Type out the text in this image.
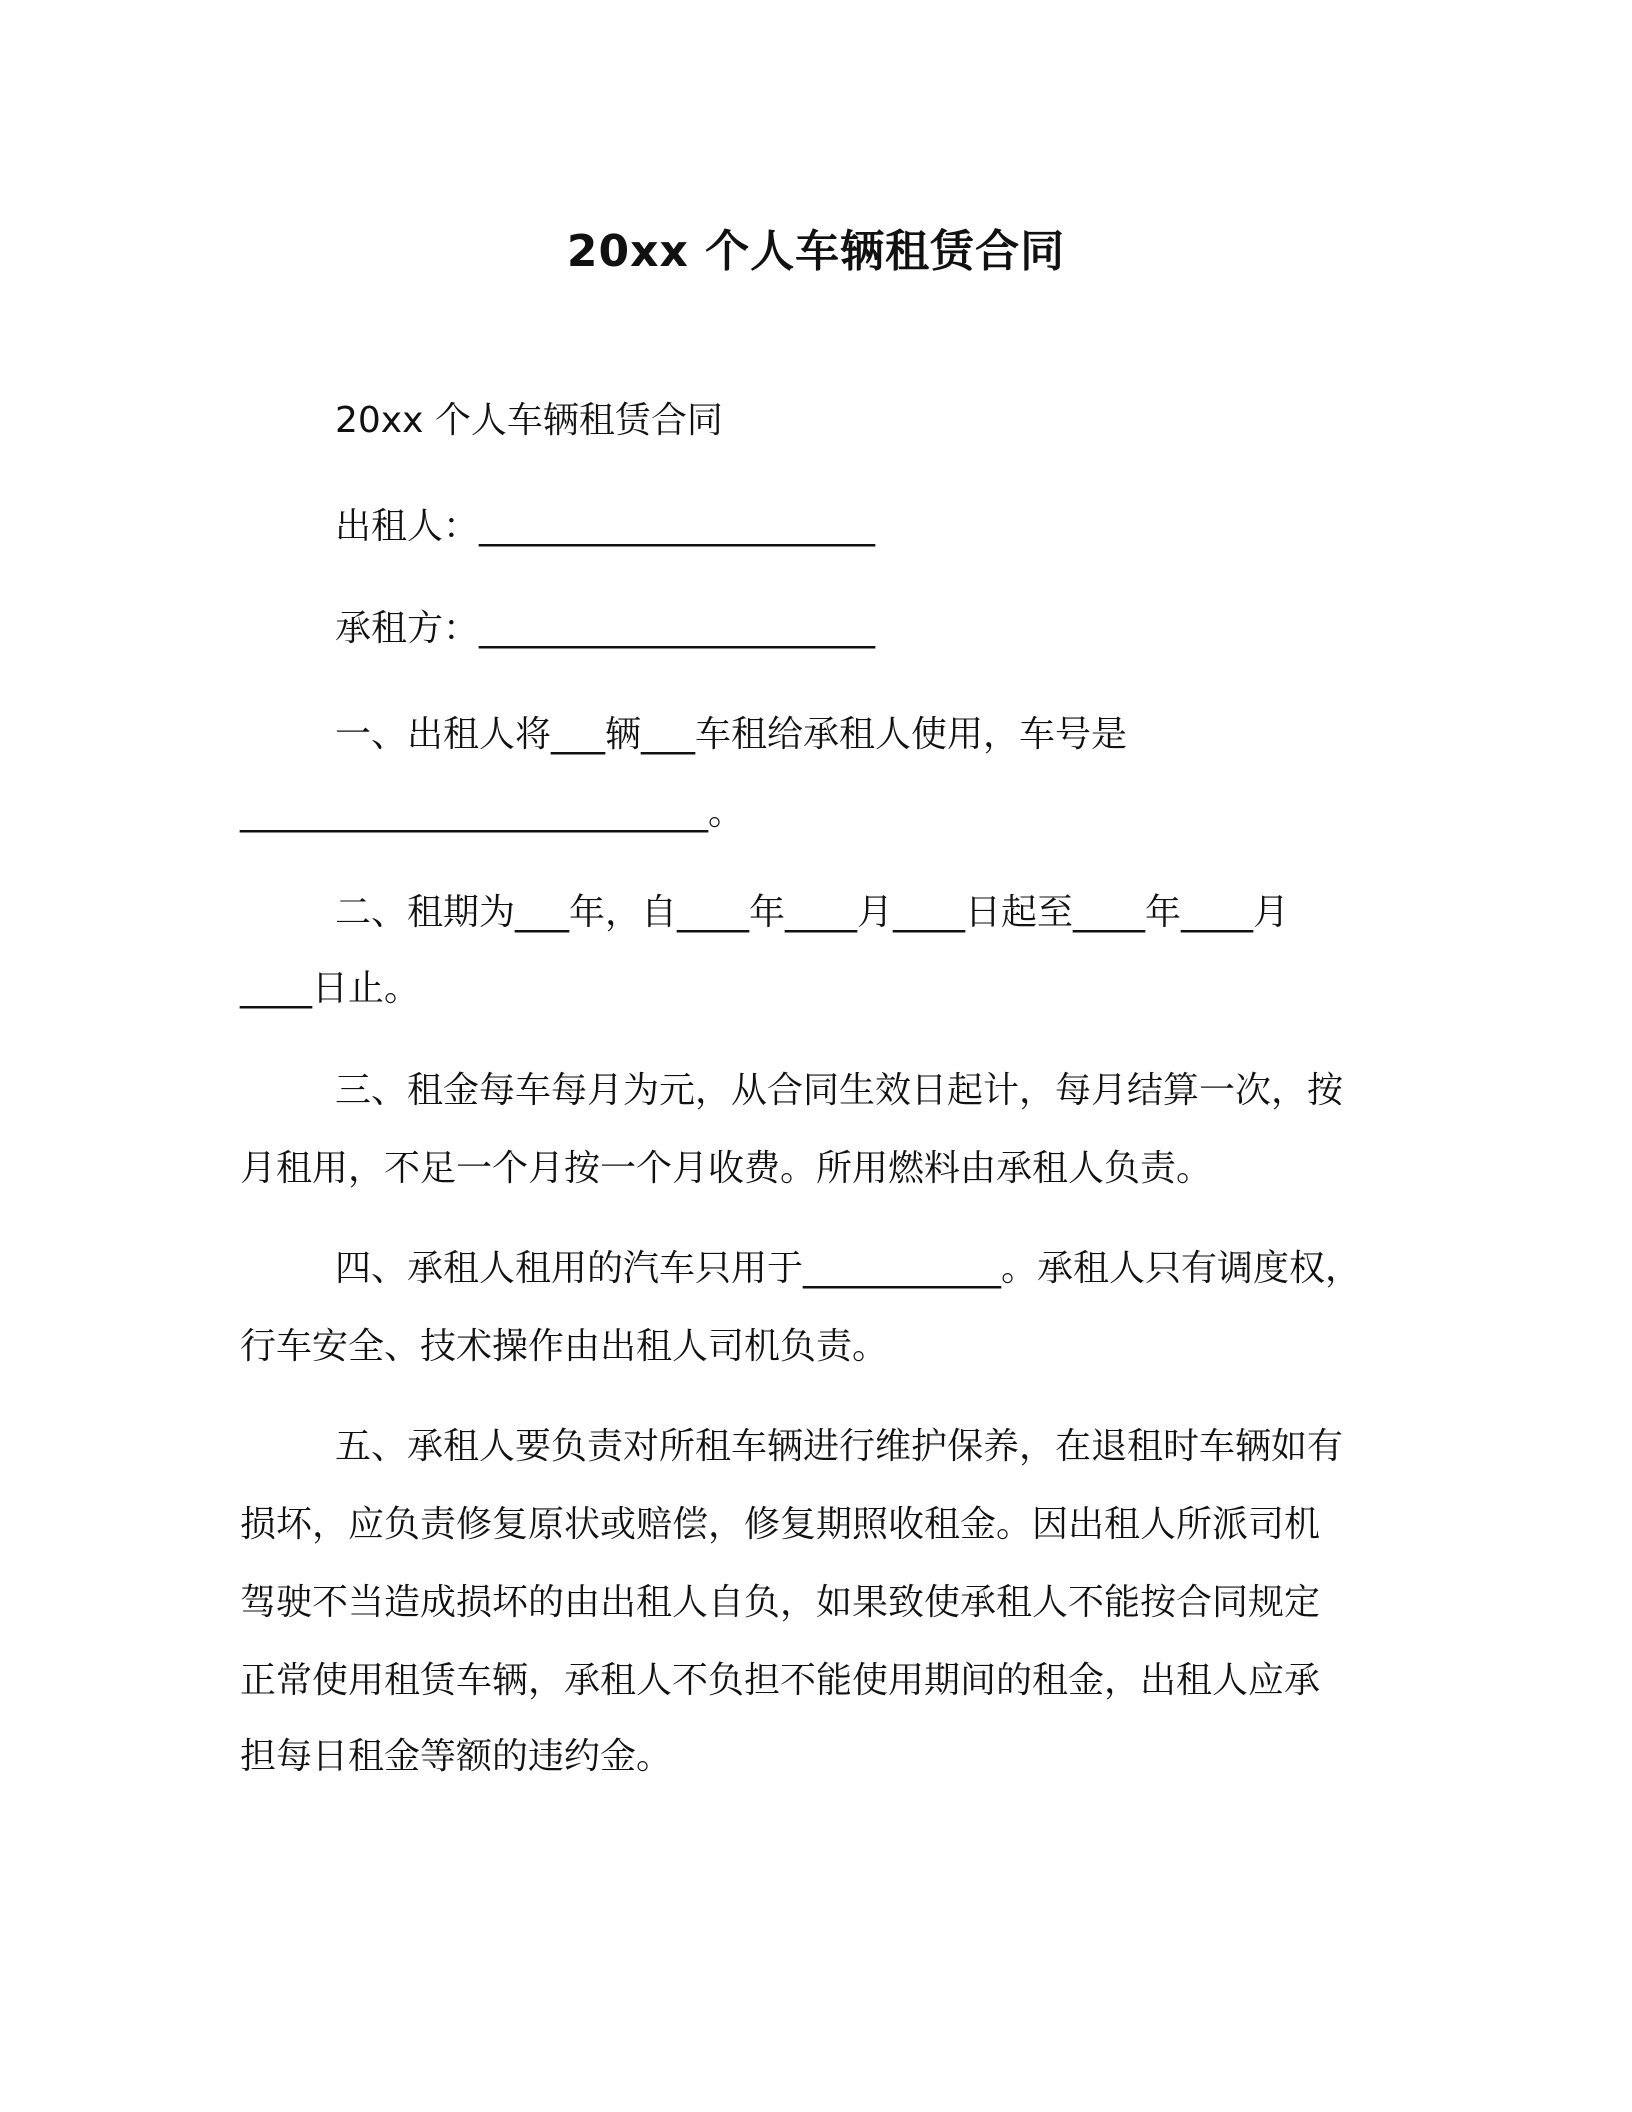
20xx 个人车辆租赁合同
20xx 个人车辆租赁合同
出租人：______________________
承租方：______________________
一、出租人将___辆___车租给承租人使用，车号是
__________________________。
二、租期为___年，自____年____月____日起至____年____月
____日止。
三、租金每车每月为元，从合同生效日起计，每月结算一次，按
月租用，不足一个月按一个月收费。所用燃料由承租人负责。
四、承租人租用的汽车只用于___________。承租人只有调度权，
行车安全、技术操作由出租人司机负责。
五、承租人要负责对所租车辆进行维护保养，在退租时车辆如有
损坏，应负责修复原状或赔偿，修复期照收租金。因出租人所派司机
驾驶不当造成损坏的由出租人自负，如果致使承租人不能按合同规定
正常使用租赁车辆，承租人不负担不能使用期间的租金，出租人应承
担每日租金等额的违约金。
